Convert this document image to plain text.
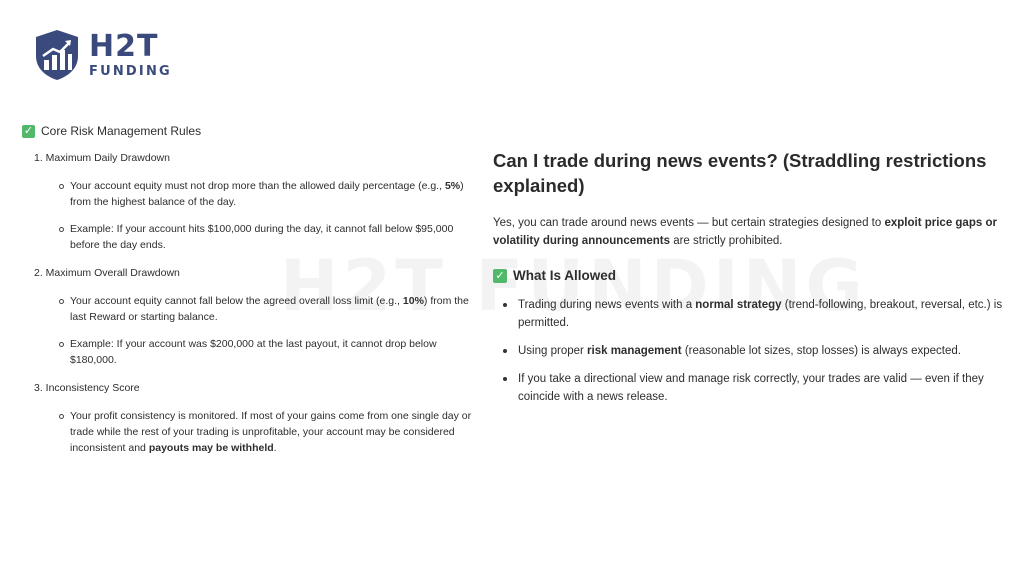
H2T
FUNDING
✓ Core Risk Management Rules
1. Maximum Daily Drawdown
Your account equity must not drop more than the allowed daily percentage (e.g., 5%) from the highest balance of the day.
Example: If your account hits $100,000 during the day, it cannot fall below $95,000 before the day ends.
2. Maximum Overall Drawdown
Your account equity cannot fall below the agreed overall loss limit (e.g., 10%) from the last Reward or starting balance.
Example: If your account was $200,000 at the last payout, it cannot drop below $180,000.
3. Inconsistency Score
Your profit consistency is monitored. If most of your gains come from one single day or trade while the rest of your trading is unprofitable, your account may be considered inconsistent and payouts may be withheld.
Can I trade during news events? (Straddling restrictions explained)

Yes, you can trade around news events — but certain strategies designed to exploit price gaps or volatility during announcements are strictly prohibited.

✓ What Is Allowed
Trading during news events with a normal strategy (trend-following, breakout, reversal, etc.) is permitted.
Using proper risk management (reasonable lot sizes, stop losses) is always expected.
If you take a directional view and manage risk correctly, your trades are valid — even if they coincide with a news release.
